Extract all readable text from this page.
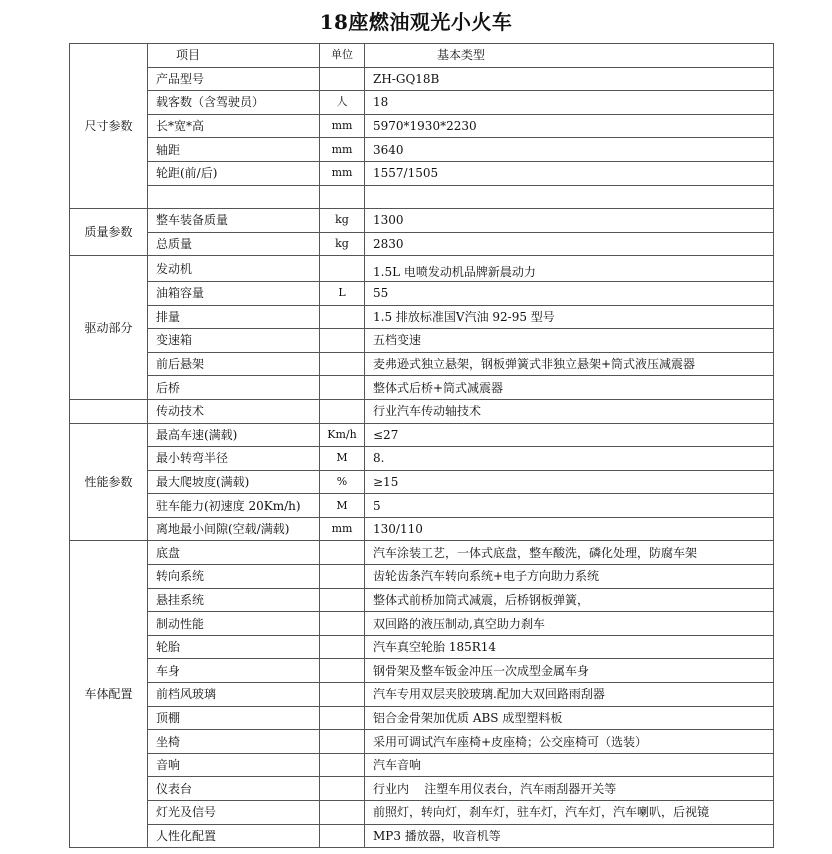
18座燃油观光小火车
尺寸参数	项目	单位	基本类型
	产品型号		ZH-GQ18B
	载客数（含驾驶员）	人	18
	长*宽*高	mm	5970*1930*2230
	轴距	mm	3640
	轮距(前/后)	mm	1557/1505

质量参数	整车装备质量	kg	1300
	总质量	kg	2830
驱动部分	发动机		1.5L 电喷发动机品牌新晨动力
	油箱容量	L	55
	排量		1.5 排放标准国Ⅴ汽油 92-95 型号
	变速箱		五档变速
	前后悬架		麦弗逊式独立悬架，钢板弹簧式非独立悬架+筒式液压减震器
	后桥		整体式后桥+筒式减震器
	传动技术		行业汽车传动轴技术
性能参数	最高车速(满载)	Km/h	≤27
	最小转弯半径	M	8.
	最大爬坡度(满载)	%	≥15
	驻车能力(初速度 20Km/h)	M	5
	离地最小间隙(空载/满载)	mm	130/110
车体配置	底盘		汽车涂装工艺，一体式底盘，整车酸洗，磷化处理，防腐车架
	转向系统		齿轮齿条汽车转向系统+电子方向助力系统
	悬挂系统		整体式前桥加筒式减震，后桥钢板弹簧，
	制动性能		双回路的液压制动,真空助力刹车
	轮胎		汽车真空轮胎 185R14
	车身		钢骨架及整车钣金冲压一次成型金属车身
	前档风玻璃		汽车专用双层夹胶玻璃.配加大双回路雨刮器
	顶棚		铝合金骨架加优质 ABS 成型塑料板
	坐椅		采用可调试汽车座椅+皮座椅；公交座椅可（选装）
	音响		汽车音响
	仪表台		行业内    注塑车用仪表台，汽车雨刮器开关等
	灯光及信号		前照灯，转向灯，刹车灯，驻车灯，汽车灯，汽车喇叭，后视镜
	人性化配置		MP3 播放器，收音机等
